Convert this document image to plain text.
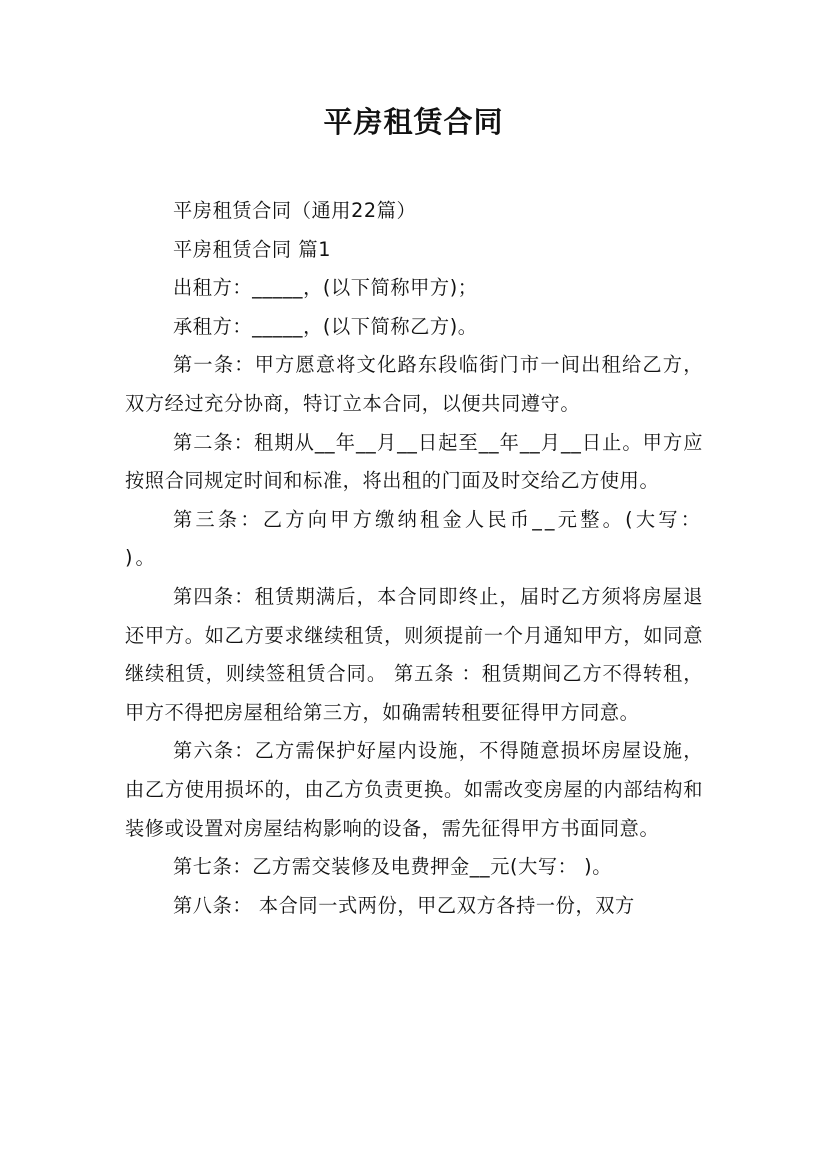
平房租赁合同

平房租赁合同（通用22篇）

平房租赁合同 篇1

出租方：_____，(以下简称甲方)；

承租方：_____，(以下简称乙方)。

第一条：甲方愿意将文化路东段临街门市一间出租给乙方，双方经过充分协商，特订立本合同，以便共同遵守。

第二条：租期从__年__月__日起至__年__月__日止。甲方应按照合同规定时间和标准，将出租的门面及时交给乙方使用。

第三条：乙方向甲方缴纳租金人民币__元整。(大写： )。

第四条：租赁期满后，本合同即终止，届时乙方须将房屋退还甲方。如乙方要求继续租赁，则须提前一个月通知甲方，如同意继续租赁，则续签租赁合同。 第五条 ：租赁期间乙方不得转租，甲方不得把房屋租给第三方，如确需转租要征得甲方同意。

第六条：乙方需保护好屋内设施，不得随意损坏房屋设施，由乙方使用损坏的，由乙方负责更换。如需改变房屋的内部结构和装修或设置对房屋结构影响的设备，需先征得甲方书面同意。

第七条：乙方需交装修及电费押金__元(大写： )。

第八条： 本合同一式两份，甲乙双方各持一份，双方
